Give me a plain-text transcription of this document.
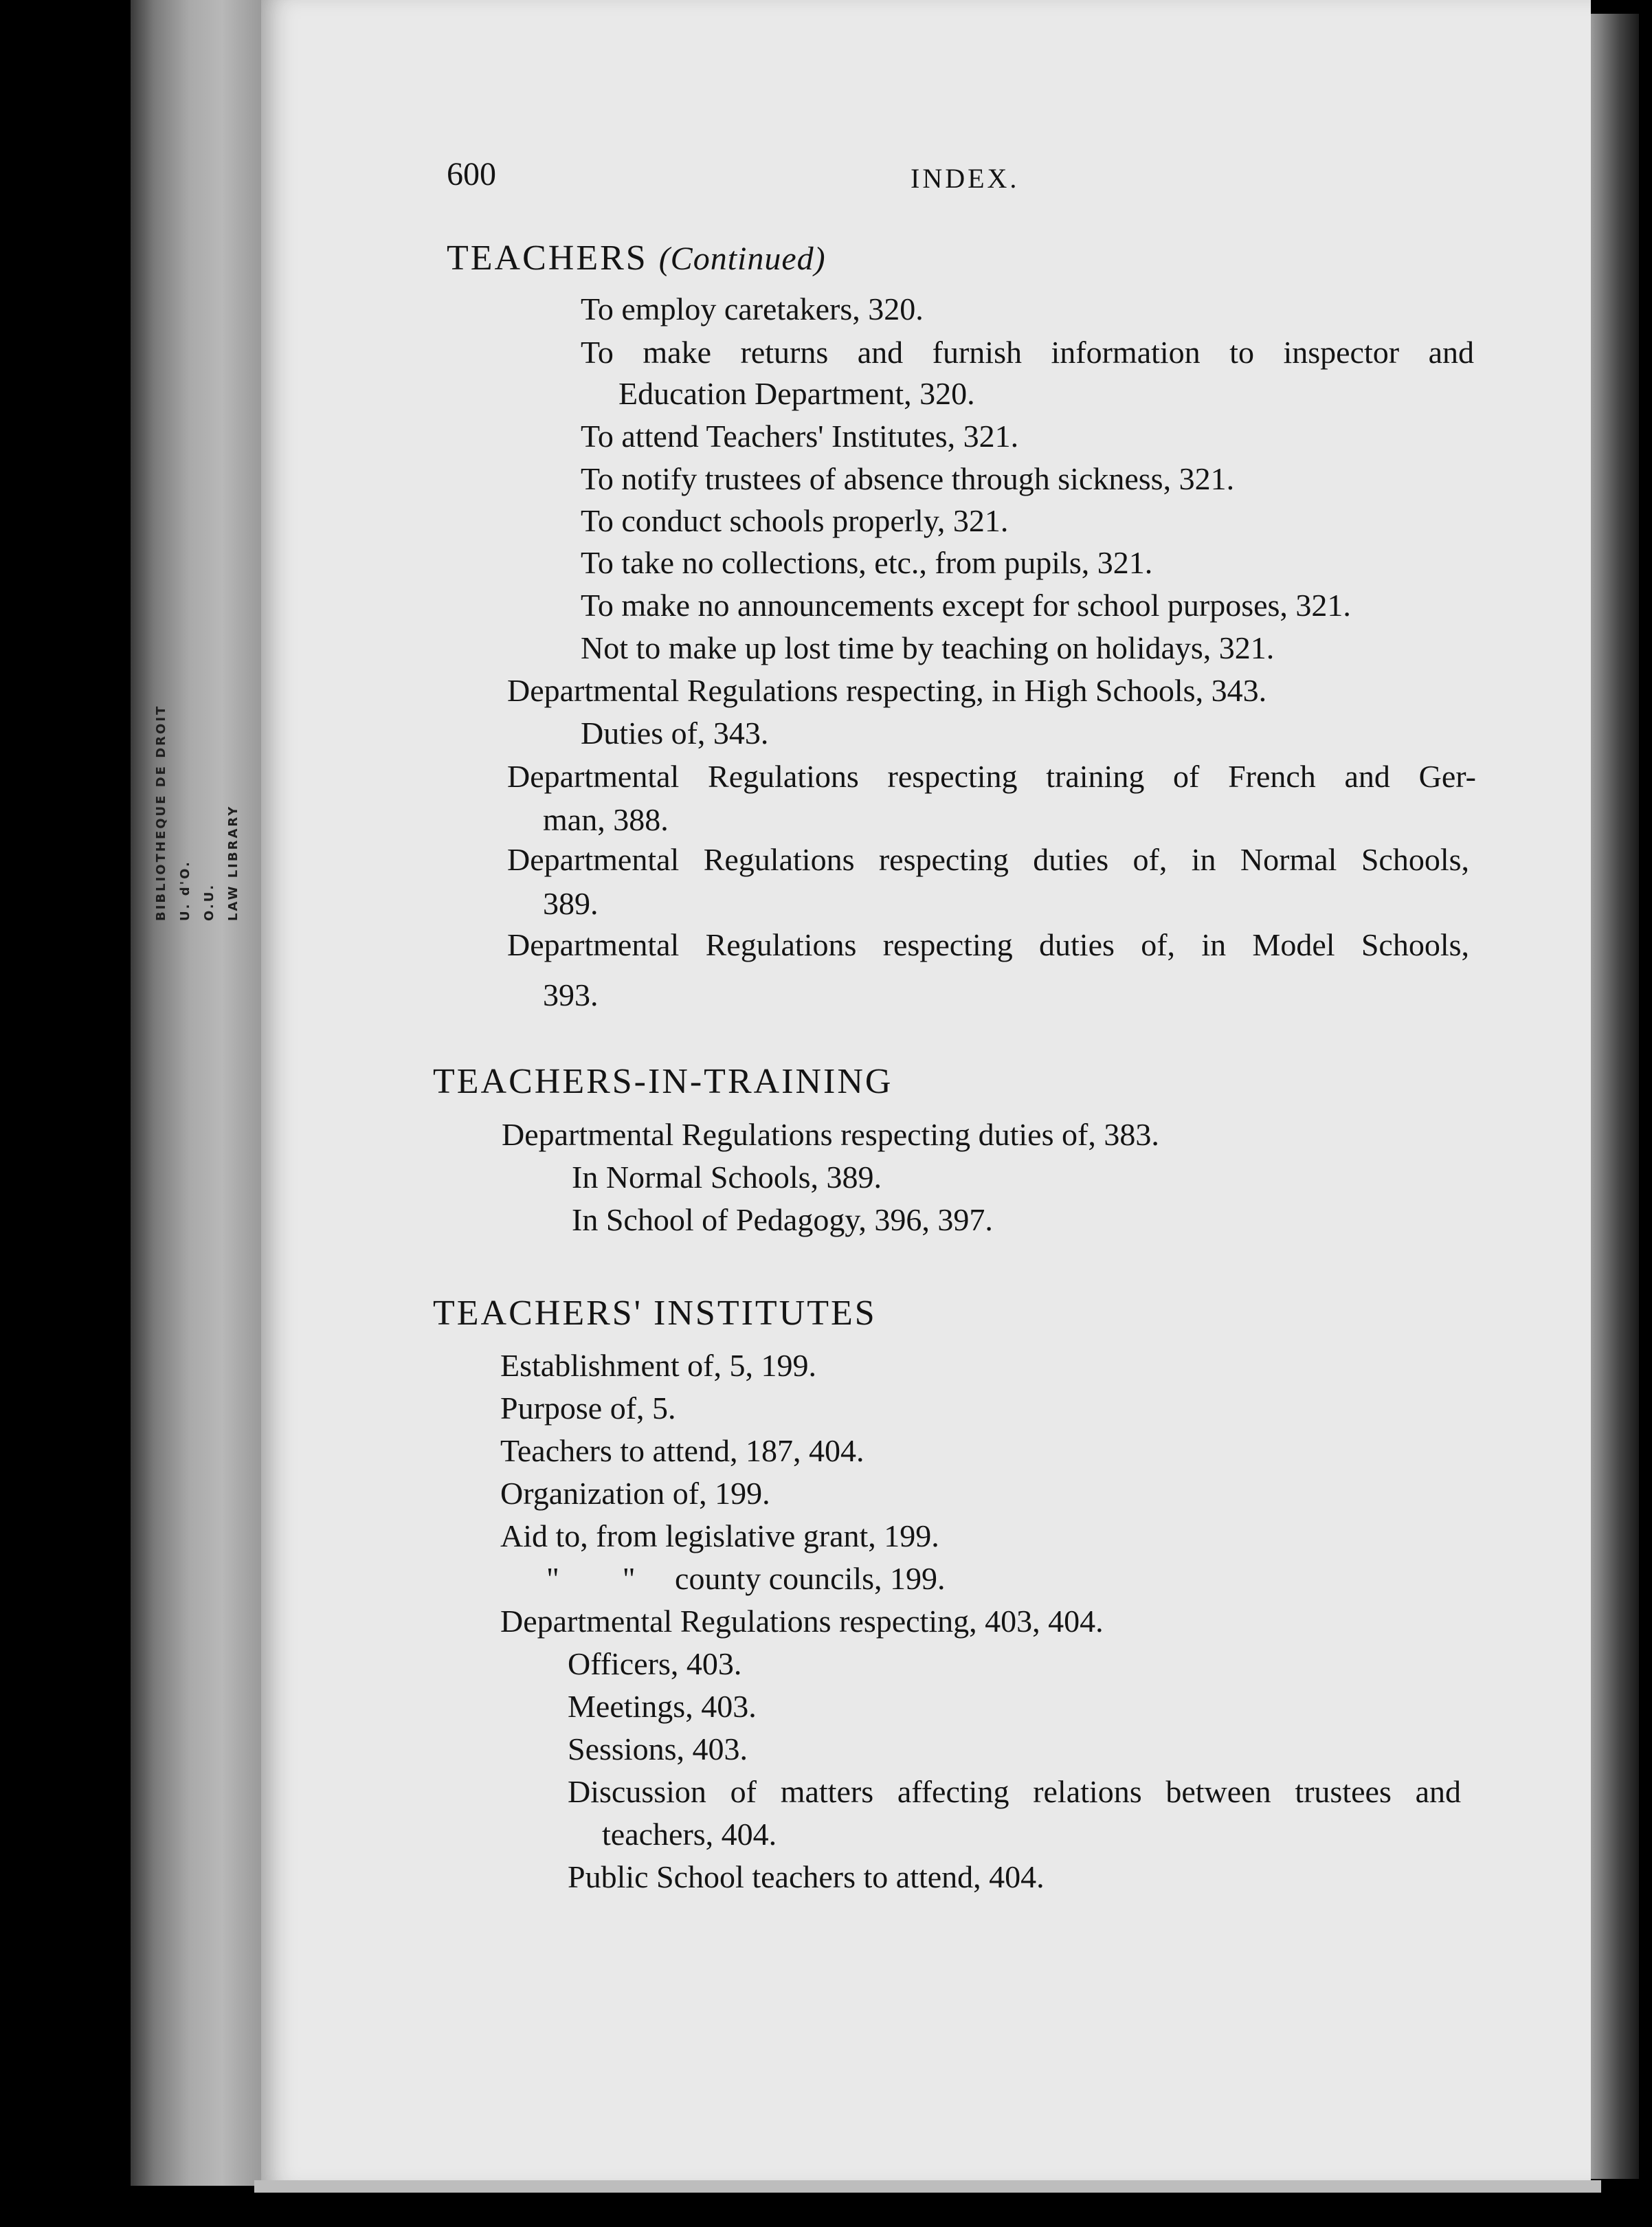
BIBLIOTHEQUE DE DROIT U. d'O. O.U. LAW LIBRARY
600	INDEX.
TEACHERS (Continued)
To employ caretakers, 320.
To make returns and furnish information to inspector and
Education Department, 320.
To attend Teachers' Institutes, 321.
To notify trustees of absence through sickness, 321.
To conduct schools properly, 321.
To take no collections, etc., from pupils, 321.
To make no announcements except for school purposes, 321.
Not to make up lost time by teaching on holidays, 321.
Departmental Regulations respecting, in High Schools, 343.
Duties of, 343.
Departmental Regulations respecting training of French and Ger-
man, 388.
Departmental Regulations respecting duties of, in Normal Schools,
389.
Departmental Regulations respecting duties of, in Model Schools,
393.
TEACHERS-IN-TRAINING
Departmental Regulations respecting duties of, 383.
In Normal Schools, 389.
In School of Pedagogy, 396, 397.
TEACHERS' INSTITUTES
Establishment of, 5, 199.
Purpose of, 5.
Teachers to attend, 187, 404.
Organization of, 199.
Aid to, from legislative grant, 199.
"        "     county councils, 199.
Departmental Regulations respecting, 403, 404.
Officers, 403.
Meetings, 403.
Sessions, 403.
Discussion of matters affecting relations between trustees and
teachers, 404.
Public School teachers to attend, 404.
